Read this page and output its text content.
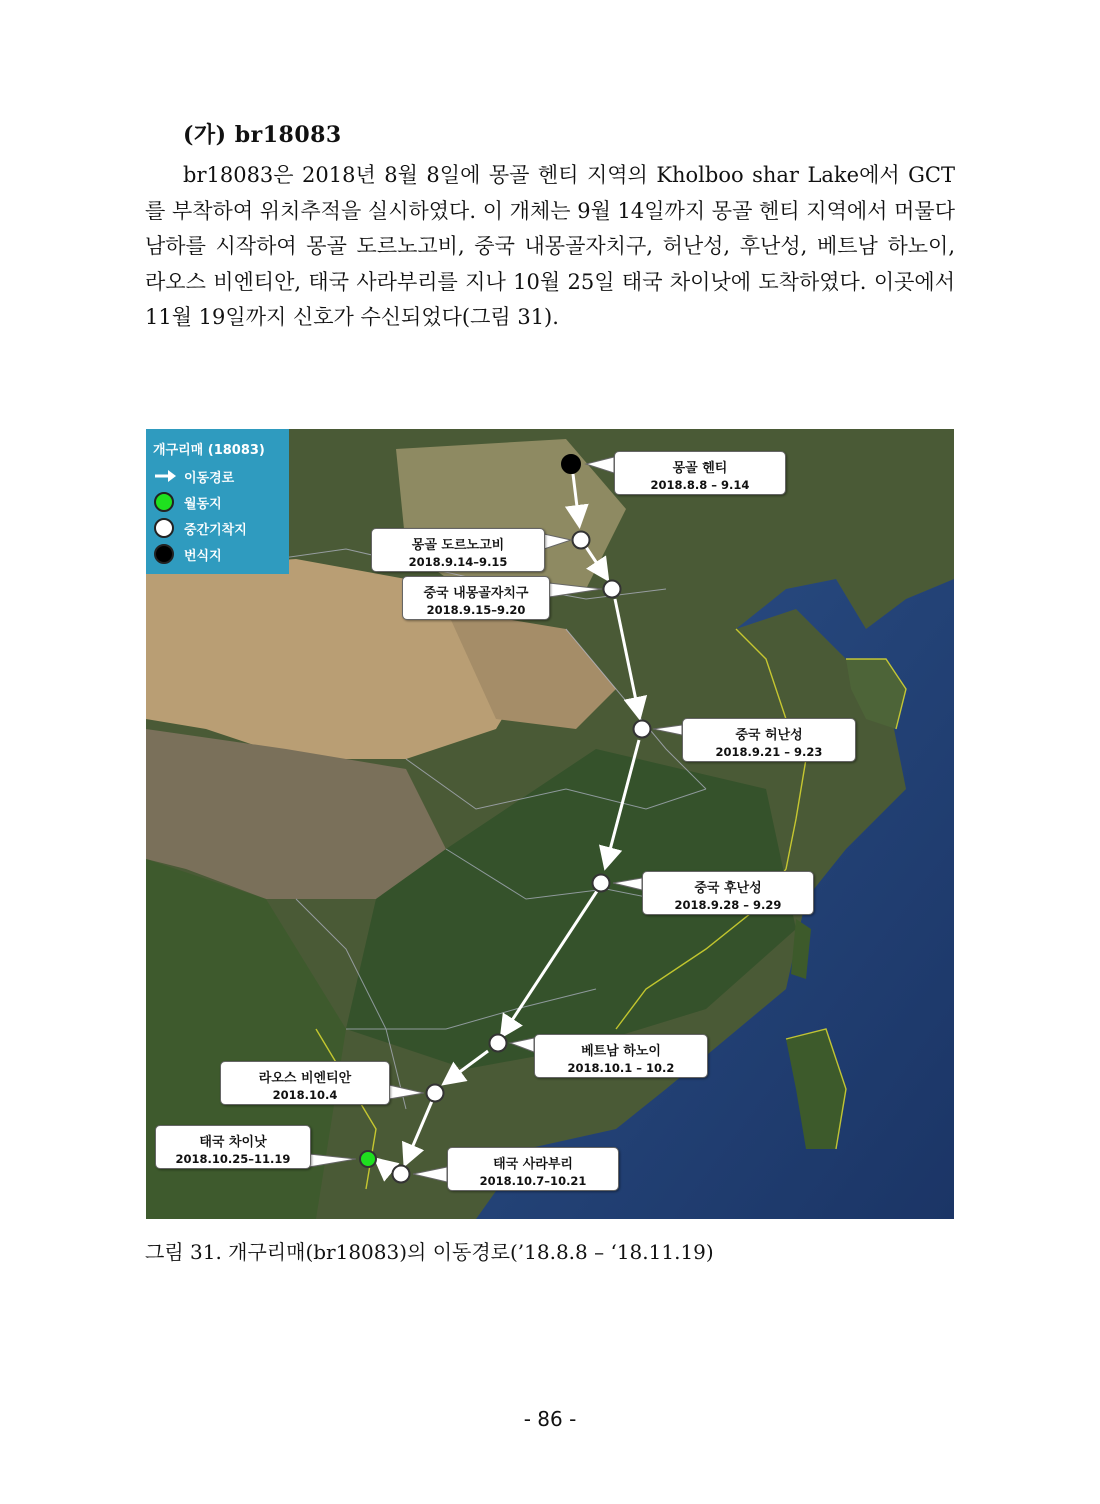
(가) br18083
br18083은 2018년 8월 8일에 몽골 헨티 지역의 Kholboo shar Lake에서 GCT를 부착하여 위치추적을 실시하였다. 이 개체는 9월 14일까지 몽골 헨티 지역에서 머물다 남하를 시작하여 몽골 도르노고비, 중국 내몽골자치구, 허난성, 후난성, 베트남 하노이, 라오스 비엔티안, 태국 사라부리를 지나 10월 25일 태국 차이낫에 도착하였다. 이곳에서 11월 19일까지 신호가 수신되었다(그림 31).
개구리매 (18083)
이동경로
월동지
중간기착지
번식지
몽골 헨티
2018.8.8 – 9.14
몽골 도르노고비
2018.9.14–9.15
중국 내몽골자치구
2018.9.15–9.20
중국 허난성
2018.9.21 – 9.23
중국 후난성
2018.9.28 – 9.29
베트남 하노이
2018.10.1 – 10.2
라오스 비엔티안
2018.10.4
태국 차이낫
2018.10.25–11.19	태국 사라부리
2018.10.7–10.21
그림 31. 개구리매(br18083)의 이동경로(’18.8.8 – ‘18.11.19)
- 86 -
